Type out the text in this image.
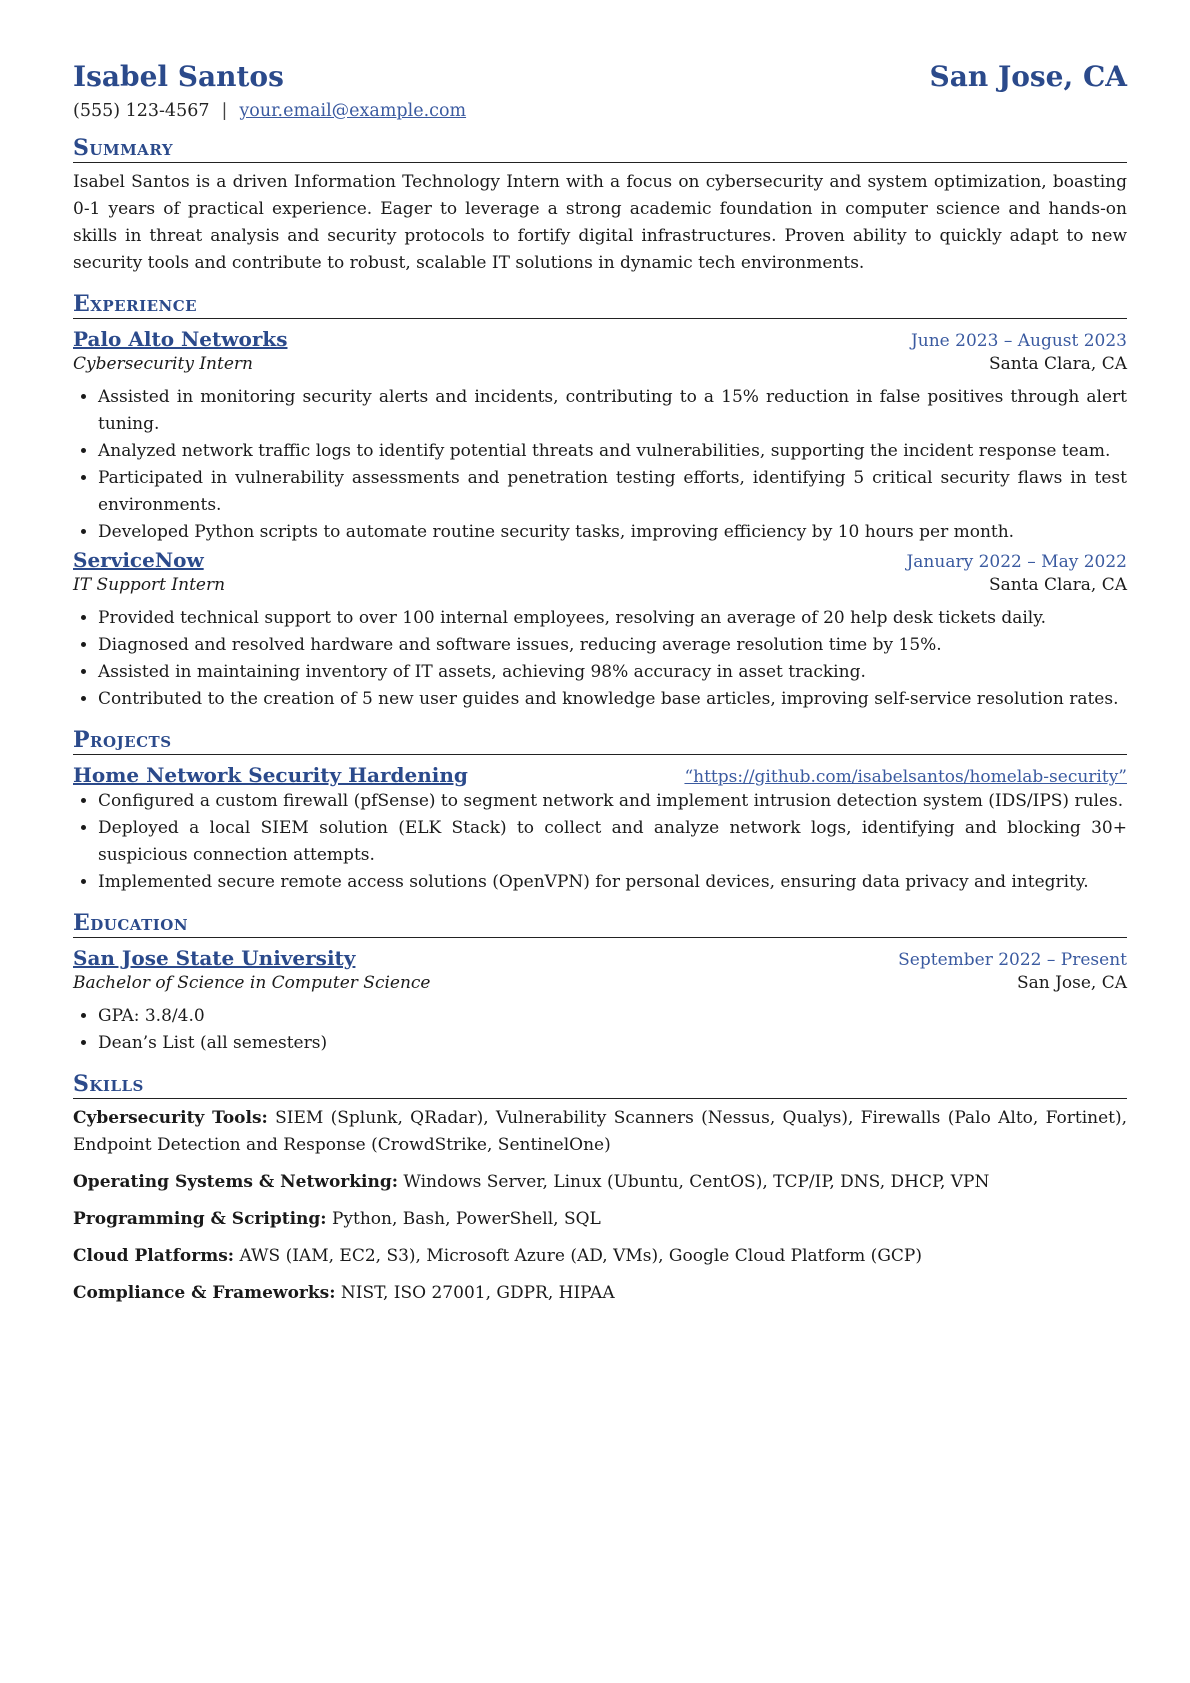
Isabel Santos	San Jose, CA
(555) 123-4567 | your.email@example.com
Summary
Isabel Santos is a driven Information Technology Intern with a focus on cybersecurity and system optimization, boasting 0-1 years of practical experience. Eager to leverage a strong academic foundation in computer science and hands-on skills in threat analysis and security protocols to fortify digital infrastructures. Proven ability to quickly adapt to new security tools and contribute to robust, scalable IT solutions in dynamic tech environments.
Experience
Palo Alto Networks	June 2023 – August 2023
Cybersecurity Intern	Santa Clara, CA
• Assisted in monitoring security alerts and incidents, contributing to a 15% reduction in false positives through alert tuning.
• Analyzed network traffic logs to identify potential threats and vulnerabilities, supporting the incident response team.
• Participated in vulnerability assessments and penetration testing efforts, identifying 5 critical security flaws in test environments.
• Developed Python scripts to automate routine security tasks, improving efficiency by 10 hours per month.
ServiceNow	January 2022 – May 2022
IT Support Intern	Santa Clara, CA
• Provided technical support to over 100 internal employees, resolving an average of 20 help desk tickets daily.
• Diagnosed and resolved hardware and software issues, reducing average resolution time by 15%.
• Assisted in maintaining inventory of IT assets, achieving 98% accuracy in asset tracking.
• Contributed to the creation of 5 new user guides and knowledge base articles, improving self-service resolution rates.
Projects
Home Network Security Hardening	“https://github.com/isabelsantos/homelab-security”
• Configured a custom firewall (pfSense) to segment network and implement intrusion detection system (IDS/IPS) rules.
• Deployed a local SIEM solution (ELK Stack) to collect and analyze network logs, identifying and blocking 30+ suspicious connection attempts.
• Implemented secure remote access solutions (OpenVPN) for personal devices, ensuring data privacy and integrity.
Education
San Jose State University	September 2022 – Present
Bachelor of Science in Computer Science	San Jose, CA
• GPA: 3.8/4.0
• Dean’s List (all semesters)
Skills
Cybersecurity Tools: SIEM (Splunk, QRadar), Vulnerability Scanners (Nessus, Qualys), Firewalls (Palo Alto, Fortinet), Endpoint Detection and Response (CrowdStrike, SentinelOne)
Operating Systems & Networking: Windows Server, Linux (Ubuntu, CentOS), TCP/IP, DNS, DHCP, VPN
Programming & Scripting: Python, Bash, PowerShell, SQL
Cloud Platforms: AWS (IAM, EC2, S3), Microsoft Azure (AD, VMs), Google Cloud Platform (GCP)
Compliance & Frameworks: NIST, ISO 27001, GDPR, HIPAA
